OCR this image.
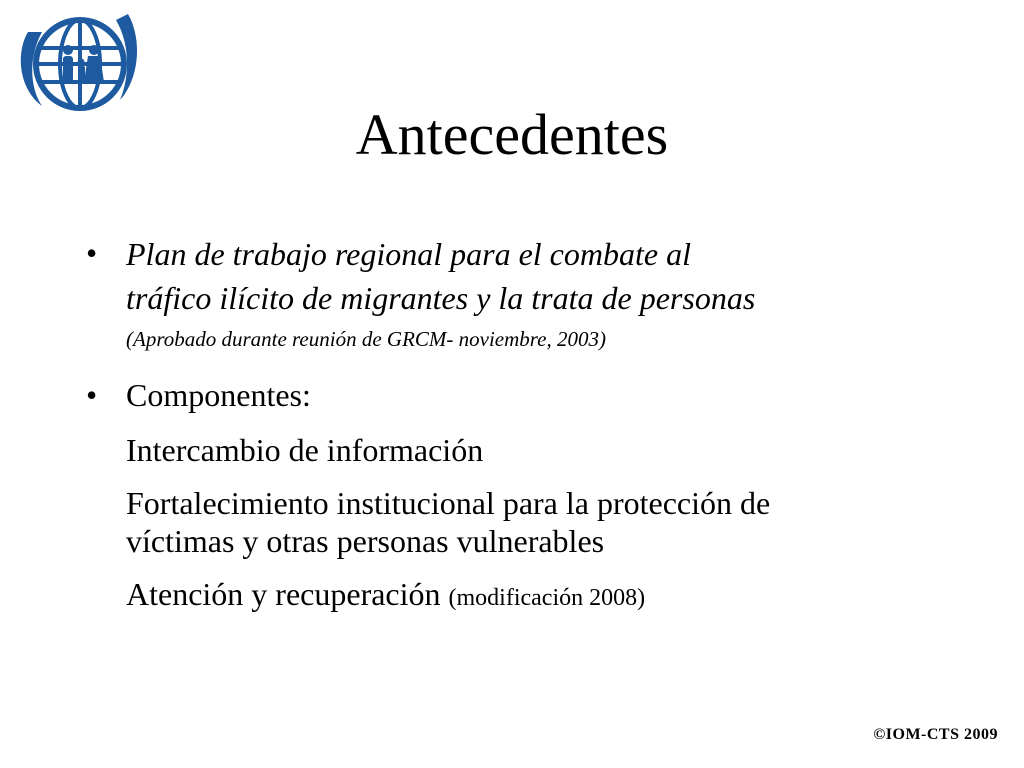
Antecedentes
• Plan de trabajo regional para el combate al
tráfico ilícito de migrantes y la trata de personas
(Aprobado durante reunión de GRCM- noviembre, 2003)
• Componentes:
Intercambio de información
Fortalecimiento institucional para la protección de
víctimas y otras personas vulnerables
Atención y recuperación (modificación 2008)
©IOM-CTS 2009
